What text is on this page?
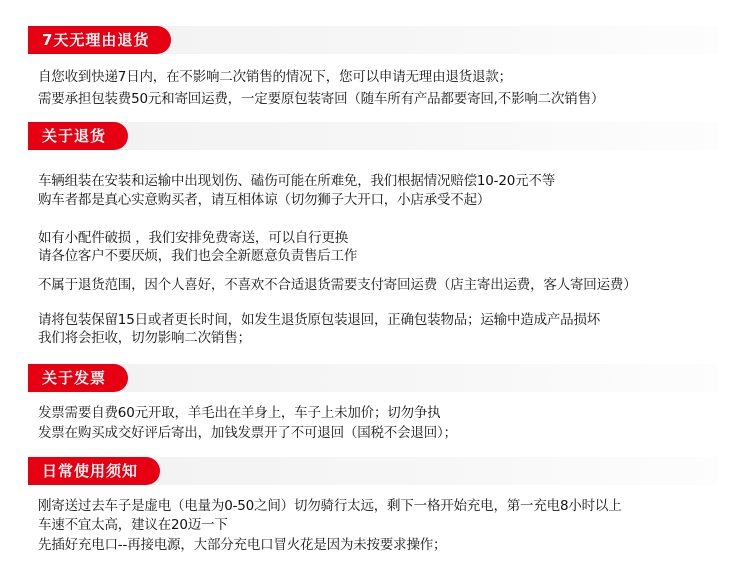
7天无理由退货
自您收到快递7日内，在不影响二次销售的情况下，您可以申请无理由退货退款；
需要承担包装费50元和寄回运费，一定要原包装寄回（随车所有产品都要寄回,不影响二次销售）
关于退货
车辆组装在安装和运输中出现划伤、磕伤可能在所难免，我们根据情况赔偿10-20元不等
购车者都是真心实意购买者，请互相体谅（切勿狮子大开口，小店承受不起）
如有小配件破损 ，我们安排免费寄送，可以自行更换
请各位客户不要厌烦，我们也会全新愿意负责售后工作
不属于退货范围，因个人喜好，不喜欢不合适退货需要支付寄回运费（店主寄出运费，客人寄回运费）
请将包装保留15日或者更长时间，如发生退货原包装退回，正确包装物品；运输中造成产品损坏
我们将会拒收，切勿影响二次销售；
关于发票
发票需要自费60元开取，羊毛出在羊身上，车子上未加价；切勿争执
发票在购买成交好评后寄出，加钱发票开了不可退回（国税不会退回）；
日常使用须知
刚寄送过去车子是虚电（电量为0-50之间）切勿骑行太远，剩下一格开始充电，第一充电8小时以上
车速不宜太高，建议在20迈一下
先插好充电口--再接电源，大部分充电口冒火花是因为未按要求操作；
